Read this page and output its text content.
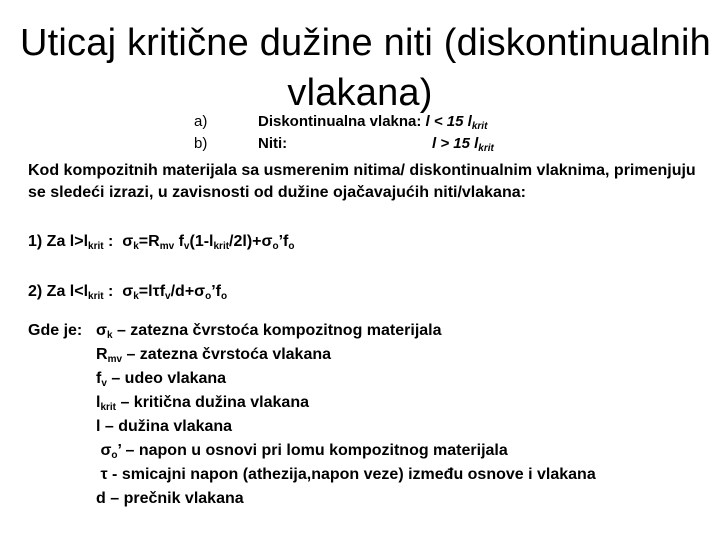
Uticaj kritične dužine niti (diskontinualnih
vlakana)
a)	Diskontinualna vlakna: l < 15 $l_{krit}$
b)	Niti:	l > 15 $l_{krit}$
Kod kompozitnih materijala sa usmerenim nitima/ diskontinualnim vlaknima, primenjuju se sledeći izrazi, u zavisnosti od dužine ojačavajućih niti/vlakana:
1) Za $l>l_{krit}$ :  $\sigma_k=R_{mv}$ $f_v(1-l_{krit}/2l)+\sigma_o’f_o$
2) Za $l<l_{krit}$ :  $\sigma_k=l\tau f_v/d+\sigma_o’f_o$
Gde je: $\sigma_k$ – zatezna čvrstoća kompozitnog materijala
$R_{mv}$ – zatezna čvrstoća vlakana
$f_v$ – udeo vlakana
$l_{krit}$ – kritična dužina vlakana
l – dužina vlakana
$\sigma_o$’ – napon u osnovi pri lomu kompozitnog materijala
τ - smicajni napon (athezija,napon veze) između osnove i vlakana
d – prečnik vlakana
